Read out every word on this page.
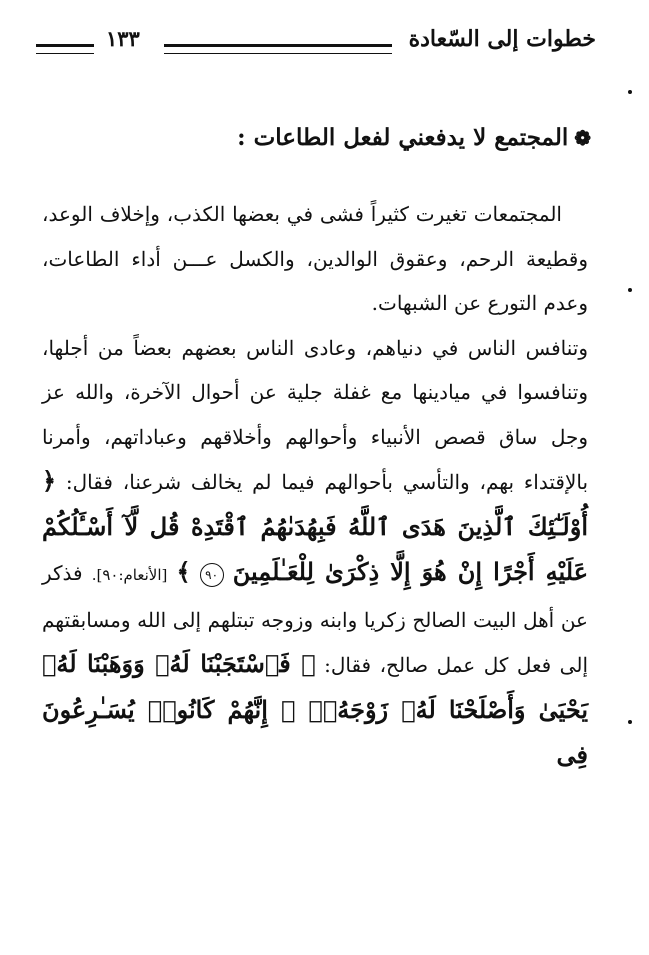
خطوات إلى السّعادة
١٣٣
❁المجتمع لا يدفعني لفعل الطاعات :

المجتمعات تغيرت كثيراً فشى في بعضها الكذب، وإخلاف الوعد، وقطيعة الرحم، وعقوق الوالدين، والكسل عـــن أداء الطاعات، وعدم التورع عن الشبهات.

وتنافس الناس في دنياهم، وعادى الناس بعضهم بعضاً من أجلها، وتنافسوا في ميادينها مع غفلة جلية عن أحوال الآخرة، والله عز وجل ساق قصص الأنبياء وأحوالهم وأخلاقهم وعباداتهم، وأمرنا بالإقتداء بهم، والتأسي بأحوالهم فيما لم يخالف شرعنا، فقال: ﴿ أُوْلَـٰٓئِكَ ٱلَّذِينَ هَدَى ٱللَّهُ فَبِهُدَىٰهُمُ ٱقْتَدِهْ قُل لَّآ أَسْـَٔلُكُمْ عَلَيْهِ أَجْرًا إِنْ هُوَ إِلَّا ذِكْرَىٰ لِلْعَـٰلَمِينَ ٩٠ ﴾ [الأنعام:٩٠]. فذكر عن أهل البيت الصالح زكريا وابنه وزوجه تبتلهم إلى الله ومسابقتهم إلى فعل كل عمل صالح، فقال: ﴿ فَٱسْتَجَبْنَا لَهُۥ وَوَهَبْنَا لَهُۥ يَحْيَىٰ وَأَصْلَحْنَا لَهُۥ زَوْجَهُۥٓ ۚ إِنَّهُمْ كَانُوا۟ يُسَـٰرِعُونَ فِى
